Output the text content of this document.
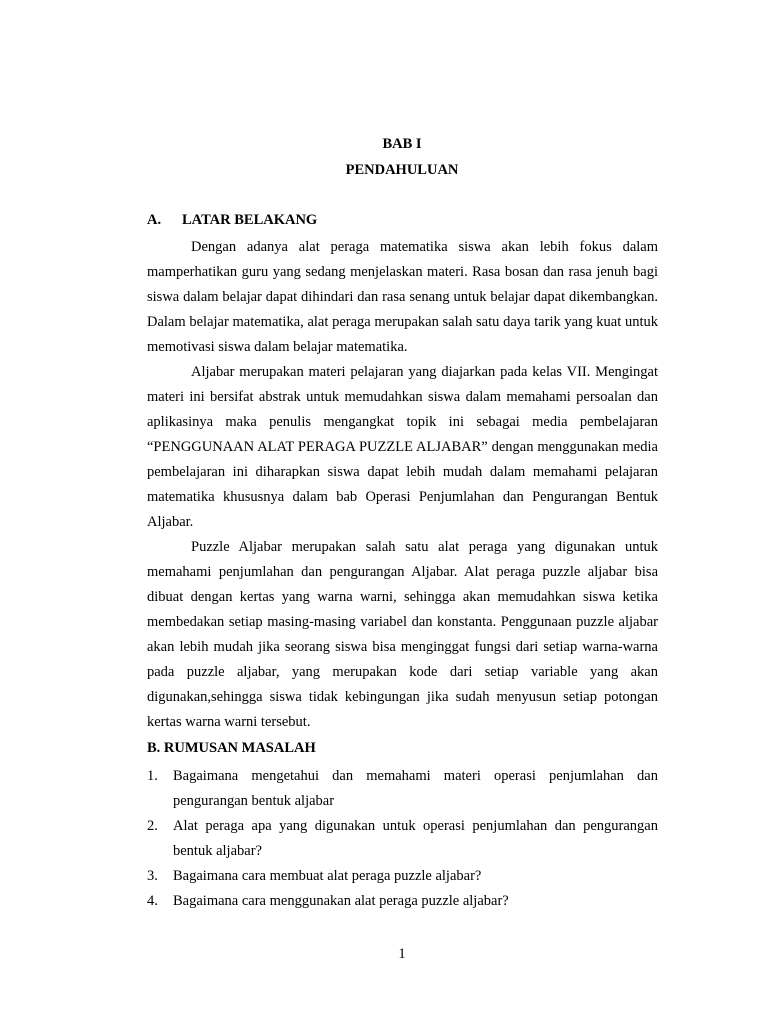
BAB I
PENDAHULUAN
A. LATAR BELAKANG

Dengan adanya alat peraga matematika siswa akan lebih fokus dalam mamperhatikan guru yang sedang menjelaskan materi. Rasa bosan dan rasa jenuh bagi siswa dalam belajar dapat dihindari dan rasa senang untuk belajar dapat dikembangkan. Dalam belajar matematika, alat peraga merupakan salah satu daya tarik yang kuat untuk memotivasi siswa dalam belajar matematika.

Aljabar merupakan materi pelajaran yang diajarkan pada kelas VII. Mengingat materi ini bersifat abstrak untuk memudahkan siswa dalam memahami persoalan dan aplikasinya maka penulis mengangkat topik ini sebagai media pembelajaran “PENGGUNAAN ALAT PERAGA PUZZLE ALJABAR” dengan menggunakan media pembelajaran ini diharapkan siswa dapat lebih mudah dalam memahami pelajaran matematika khususnya dalam bab Operasi Penjumlahan dan Pengurangan Bentuk Aljabar.

Puzzle Aljabar merupakan salah satu alat peraga yang digunakan untuk memahami penjumlahan dan pengurangan Aljabar. Alat peraga puzzle aljabar bisa dibuat dengan kertas yang warna warni, sehingga akan memudahkan siswa ketika membedakan setiap masing-masing variabel dan konstanta. Penggunaan puzzle aljabar akan lebih mudah jika seorang siswa bisa menginggat fungsi dari setiap warna-warna pada puzzle aljabar, yang merupakan kode dari setiap variable yang akan digunakan,sehingga siswa tidak kebingungan jika sudah menyusun setiap potongan kertas warna warni tersebut.

B. RUMUSAN MASALAH
1.	Bagaimana mengetahui dan memahami materi operasi penjumlahan dan pengurangan bentuk aljabar
2.	Alat peraga apa yang digunakan untuk operasi penjumlahan dan pengurangan bentuk aljabar?
3.	Bagaimana cara membuat alat peraga puzzle aljabar?
4.	Bagaimana cara menggunakan alat peraga puzzle aljabar?
1
